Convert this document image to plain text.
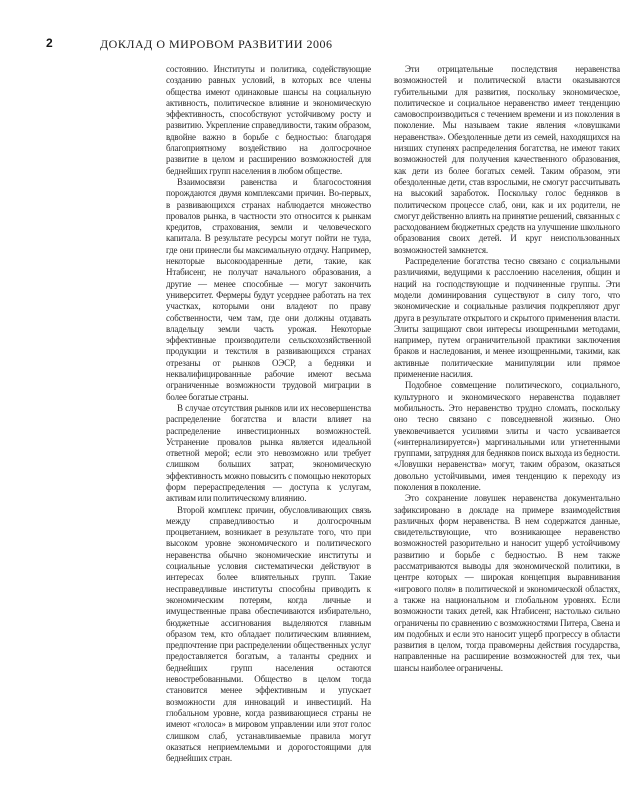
2	ДОКЛАД О МИРОВОМ РАЗВИТИИ 2006

состоянию. Институты и политика, содействующие созданию равных условий, в которых все члены общества имеют одинаковые шансы на социальную активность, политическое влияние и экономическую эффективность, способствуют устойчивому росту и развитию. Укрепление справедливости, таким образом, вдвойне важно в борьбе с бедностью: благодаря благоприятному воздействию на долгосрочное развитие в целом и расширению возможностей для беднейших групп населения в любом обществе.

Взаимосвязи равенства и благосостояния порождаются двумя комплексами причин. Во-первых, в развивающихся странах наблюдается множество провалов рынка, в частности это относится к рынкам кредитов, страхования, земли и человеческого капитала. В результате ресурсы могут пойти не туда, где они принесли бы максимальную отдачу. Например, некоторые высокоодаренные дети, такие, как Нтабисенг, не получат начального образования, а другие — менее способные — могут закончить университет. Фермеры будут усерднее работать на тех участках, которыми они владеют по праву собственности, чем там, где они должны отдавать владельцу земли часть урожая. Некоторые эффективные производители сельскохозяйственной продукции и текстиля в развивающихся странах отрезаны от рынков ОЭСР, а бедняки и неквалифицированные рабочие имеют весьма ограниченные возможности трудовой миграции в более богатые страны.

В случае отсутствия рынков или их несовершенства распределение богатства и власти влияет на распределение инвестиционных возможностей. Устранение провалов рынка является идеальной ответной мерой; если это невозможно или требует слишком больших затрат, экономическую эффективность можно повысить с помощью некоторых форм перераспределения — доступа к услугам, активам или политическому влиянию.

Второй комплекс причин, обусловливающих связь между справедливостью и долгосрочным процветанием, возникает в результате того, что при высоком уровне экономического и политического неравенства обычно экономические институты и социальные условия систематически действуют в интересах более влиятельных групп. Такие несправедливые институты способны приводить к экономическим потерям, когда личные и имущественные права обеспечиваются избирательно, бюджетные ассигнования выделяются главным образом тем, кто обладает политическим влиянием, предпочтение при распределении общественных услуг предоставляется богатым, а таланты средних и беднейших групп населения остаются невостребованными. Общество в целом тогда становится менее эффективным и упускает возможности для инноваций и инвестиций. На глобальном уровне, когда развивающиеся страны не имеют «голоса» в мировом управлении или этот голос слишком слаб, устанавливаемые правила могут оказаться неприемлемыми и дорогостоящими для беднейших стран.

Эти отрицательные последствия неравенства возможностей и политической власти оказываются губительными для развития, поскольку экономическое, политическое и социальное неравенство имеет тенденцию самовоспроизводиться с течением времени и из поколения в поколение. Мы называем такие явления «ловушками неравенства». Обездоленные дети из семей, находящихся на низших ступенях распределения богатства, не имеют таких возможностей для получения качественного образования, как дети из более богатых семей. Таким образом, эти обездоленные дети, став взрослыми, не смогут рассчитывать на высокий заработок. Поскольку голос бедняков в политическом процессе слаб, они, как и их родители, не смогут действенно влиять на принятие решений, связанных с расходованием бюджетных средств на улучшение школьного образования своих детей. И круг неиспользованных возможностей замкнется.

Распределение богатства тесно связано с социальными различиями, ведущими к расслоению населения, общин и наций на господствующие и подчиненные группы. Эти модели доминирования существуют в силу того, что экономические и социальные различия подкрепляют друг друга в результате открытого и скрытого применения власти. Элиты защищают свои интересы изощренными методами, например, путем ограничительной практики заключения браков и наследования, и менее изощренными, такими, как активные политические манипуляции или прямое применение насилия.

Подобное совмещение политического, социального, культурного и экономического неравенства подавляет мобильность. Это неравенство трудно сломать, поскольку оно тесно связано с повседневной жизнью. Оно увековечивается усилиями элиты и часто усваивается («интернализируется») маргинальными или угнетенными группами, затрудняя для бедняков поиск выхода из бедности. «Ловушки неравенства» могут, таким образом, оказаться довольно устойчивыми, имея тенденцию к переходу из поколения в поколение.

Это сохранение ловушек неравенства документально зафиксировано в докладе на примере взаимодействия различных форм неравенства. В нем содержатся данные, свидетельствующие, что возникающее неравенство возможностей разорительно и наносит ущерб устойчивому развитию и борьбе с бедностью. В нем также рассматриваются выводы для экономической политики, в центре которых — широкая концепция выравнивания «игрового поля» в политической и экономической областях, а также на национальном и глобальном уровнях. Если возможности таких детей, как Нтабисенг, настолько сильно ограничены по сравнению с возможностями Питера, Свена и им подобных и если это наносит ущерб прогрессу в области развития в целом, тогда правомерны действия государства, направленные на расширение возможностей для тех, чьи шансы наиболее ограничены.
